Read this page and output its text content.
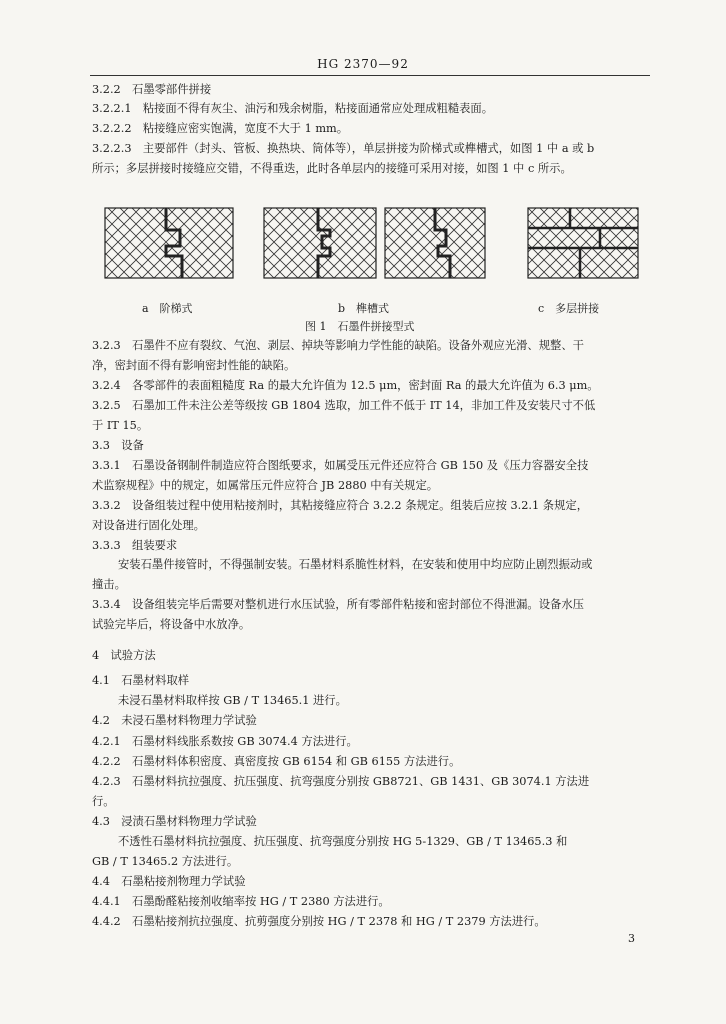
HG 2370—92
3.2.2　石墨零部件拼接
3.2.2.1　粘接面不得有灰尘、油污和残余树脂，粘接面通常应处理成粗糙表面。
3.2.2.2　粘接缝应密实饱满，宽度不大于 1 mm。
3.2.2.3　主要部件（封头、管板、换热块、筒体等），单层拼接为阶梯式或榫槽式，如图 1 中 a 或 b
所示；多层拼接时接缝应交错，不得重迭，此时各单层内的接缝可采用对接，如图 1 中 c 所示。
a　阶梯式	b　榫槽式	c　多层拼接
图 1　石墨件拼接型式
3.2.3　石墨件不应有裂纹、气泡、剥层、掉块等影响力学性能的缺陷。设备外观应光滑、规整、干
净，密封面不得有影响密封性能的缺陷。
3.2.4　各零部件的表面粗糙度 Ra 的最大允许值为 12.5 μm，密封面 Ra 的最大允许值为 6.3 μm。
3.2.5　石墨加工件未注公差等级按 GB 1804 选取，加工件不低于 IT 14，非加工件及安装尺寸不低
于 IT 15。
3.3　设备
3.3.1　石墨设备钢制件制造应符合图纸要求，如属受压元件还应符合 GB 150 及《压力容器安全技
术监察规程》中的规定，如属常压元件应符合 JB 2880 中有关规定。
3.3.2　设备组装过程中使用粘接剂时，其粘接缝应符合 3.2.2 条规定。组装后应按 3.2.1 条规定，
对设备进行固化处理。
3.3.3　组装要求
安装石墨件接管时，不得强制安装。石墨材料系脆性材料，在安装和使用中均应防止剧烈振动或
撞击。
3.3.4　设备组装完毕后需要对整机进行水压试验，所有零部件粘接和密封部位不得泄漏。设备水压
试验完毕后，将设备中水放净。
4　试验方法
4.1　石墨材料取样
未浸石墨材料取样按 GB / T 13465.1 进行。
4.2　未浸石墨材料物理力学试验
4.2.1　石墨材料线胀系数按 GB 3074.4 方法进行。
4.2.2　石墨材料体积密度、真密度按 GB 6154 和 GB 6155 方法进行。
4.2.3　石墨材料抗拉强度、抗压强度、抗弯强度分别按 GB8721、GB 1431、GB 3074.1 方法进
行。
4.3　浸渍石墨材料物理力学试验
不透性石墨材料抗拉强度、抗压强度、抗弯强度分别按 HG 5-1329、GB / T 13465.3 和
GB / T 13465.2 方法进行。
4.4　石墨粘接剂物理力学试验
4.4.1　石墨酚醛粘接剂收缩率按 HG / T 2380 方法进行。
4.4.2　石墨粘接剂抗拉强度、抗剪强度分别按 HG / T 2378 和 HG / T 2379 方法进行。
3
